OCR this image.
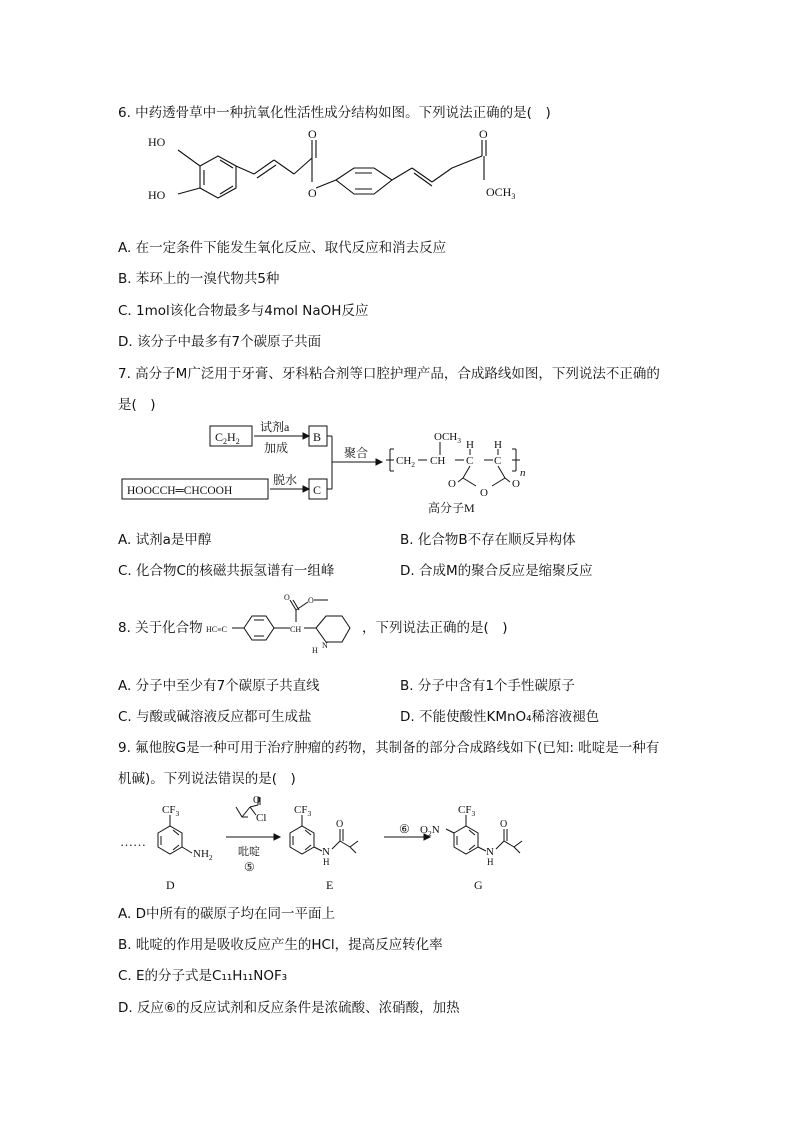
6. 中药透骨草中一种抗氧化性活性成分结构如图。下列说法正确的是(　)
HO
HO
O
O
O
$OCH_3$
A. 在一定条件下能发生氧化反应、取代反应和消去反应
B. 苯环上的一溴代物共5种
C. 1mol该化合物最多与4mol NaOH反应
D. 该分子中最多有7个碳原子共面
7. 高分子M广泛用于牙膏、牙科粘合剂等口腔护理产品，合成路线如图，下列说法不正确的
是(　)
$C_2H_2$
试剂a
加成
B
HOOCCH═CHCOOH
脱水
C
聚合
$OCH_3$
$CH_2$ CH C C
H H
O
O
O
n
高分子M
A. 试剂a是甲醇	B. 化合物B不存在顺反异构体
C. 化合物C的核磁共振氢谱有一组峰	D. 合成M的聚合反应是缩聚反应
8. 关于化合物 HC≡C	CH
O O
N
H
，下列说法正确的是(　)
A. 分子中至少有7个碳原子共直线	B. 分子中含有1个手性碳原子
C. 与酸或碱溶液反应都可生成盐	D. 不能使酸性KMnO₄稀溶液褪色
9. 氟他胺G是一种可用于治疗肿瘤的药物，其制备的部分合成路线如下(已知: 吡啶是一种有
机碱)。下列说法错误的是(　)
……
$CF_3$
$NH_2$
O
Cl
吡啶
⑤
$CF_3$
N
H
O	⑥ $O_2N$
$CF_3$
N
H
O
D	E	G
A. D中所有的碳原子均在同一平面上
B. 吡啶的作用是吸收反应产生的HCl，提高反应转化率
C. E的分子式是C₁₁H₁₁NOF₃
D. 反应⑥的反应试剂和反应条件是浓硫酸、浓硝酸，加热
